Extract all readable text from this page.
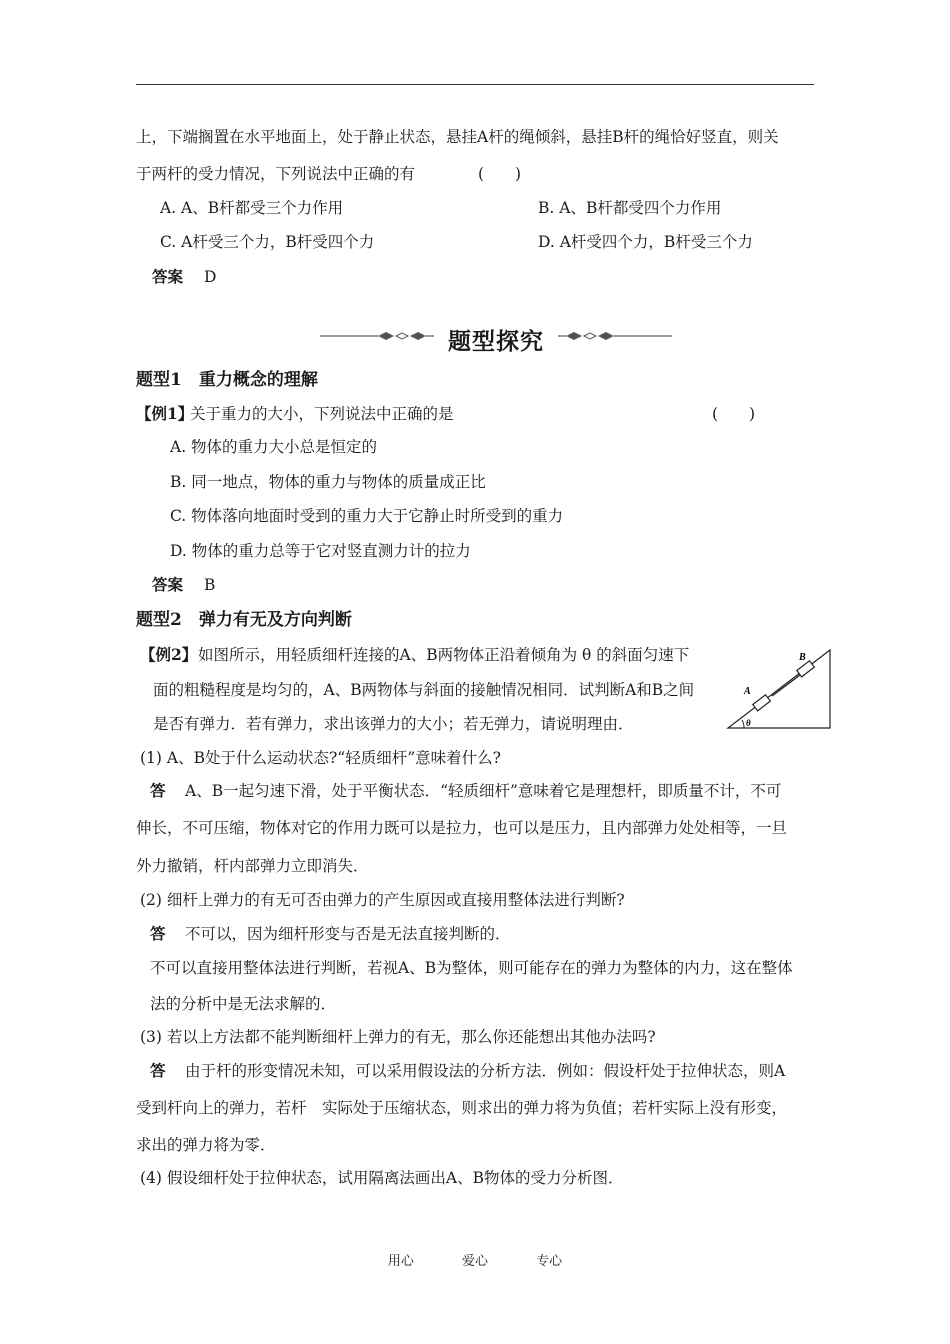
上，下端搁置在水平地面上，处于静止状态，悬挂A杆的绳倾斜，悬挂B杆的绳恰好竖直，则关
于两杆的受力情况，下列说法中正确的有	(　　)
A. A、B杆都受三个力作用	B. A、B杆都受四个力作用
C. A杆受三个力，B杆受四个力	D. A杆受四个力，B杆受三个力
答案 D
题型探究
题型1　重力概念的理解
【例1】
关于重力的大小，下列说法中正确的是	(　　)
A. 物体的重力大小总是恒定的
B. 同一地点，物体的重力与物体的质量成正比
C. 物体落向地面时受到的重力大于它静止时所受到的重力
D. 物体的重力总等于它对竖直测力计的拉力
答案 B
题型2　弹力有无及方向判断
【例2】 如图所示，用轻质细杆连接的A、B两物体正沿着倾角为 θ 的斜面匀速下
面的粗糙程度是均匀的，A、B两物体与斜面的接触情况相同．试判断A和B之间
是否有弹力．若有弹力，求出该弹力的大小；若无弹力，请说明理由．
A
B
θ
(1) A、B处于什么运动状态?“轻质细杆”意味着什么?
答 A、B一起匀速下滑，处于平衡状态．“轻质细杆”意味着它是理想杆，即质量不计，不可
伸长，不可压缩，物体对它的作用力既可以是拉力，也可以是压力，且内部弹力处处相等，一旦
外力撤销，杆内部弹力立即消失．
(2) 细杆上弹力的有无可否由弹力的产生原因或直接用整体法进行判断?
答 不可以，因为细杆形变与否是无法直接判断的．
不可以直接用整体法进行判断，若视A、B为整体，则可能存在的弹力为整体的内力，这在整体
法的分析中是无法求解的．
(3) 若以上方法都不能判断细杆上弹力的有无，那么你还能想出其他办法吗?
答 由于杆的形变情况未知，可以采用假设法的分析方法．例如：假设杆处于拉伸状态，则A
受到杆向上的弹力，若杆　实际处于压缩状态，则求出的弹力将为负值；若杆实际上没有形变，
求出的弹力将为零．
(4) 假设细杆处于拉伸状态，试用隔离法画出A、B物体的受力分析图．
用心	爱心	专心
